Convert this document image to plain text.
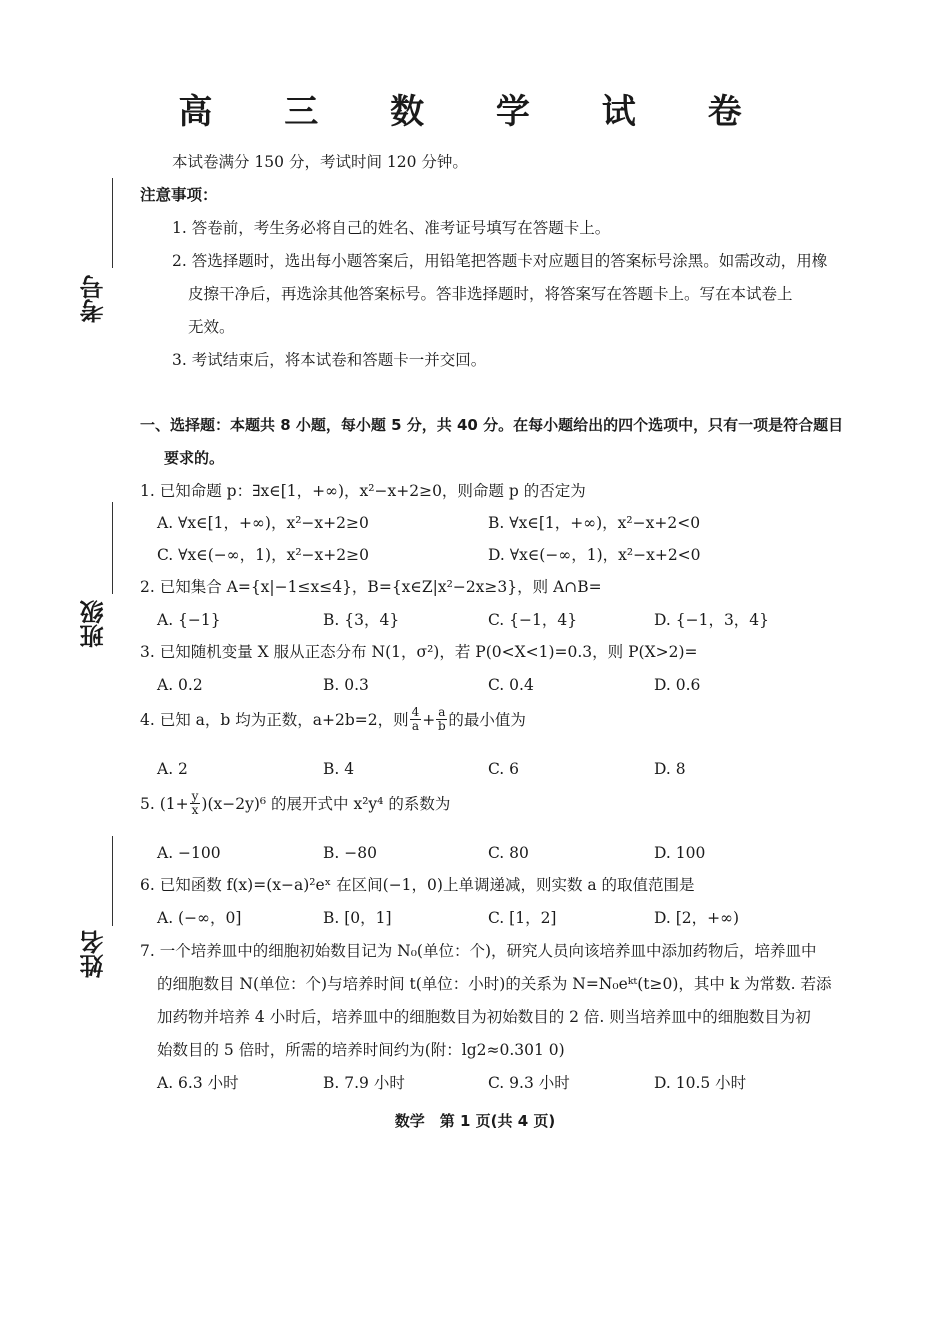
高 三 数 学 试 卷
本试卷满分 150 分，考试时间 120 分钟。
注意事项：
1. 答卷前，考生务必将自己的姓名、准考证号填写在答题卡上。
2. 答选择题时，选出每小题答案后，用铅笔把答题卡对应题目的答案标号涂黑。如需改动，用橡
皮擦干净后，再选涂其他答案标号。答非选择题时，将答案写在答题卡上。写在本试卷上
无效。
3. 考试结束后，将本试卷和答题卡一并交回。
考号
班级
姓名
一、选择题：本题共 8 小题，每小题 5 分，共 40 分。在每小题给出的四个选项中，只有一项是符合题目
要求的。
1. 已知命题 p：∃x∈[1，+∞)，x²−x+2≥0，则命题 p 的否定为
A. ∀x∈[1，+∞)，x²−x+2≥0	B. ∀x∈[1，+∞)，x²−x+2<0
C. ∀x∈(−∞，1)，x²−x+2≥0	D. ∀x∈(−∞，1)，x²−x+2<0
2. 已知集合 A={x|−1≤x≤4}，B={x∈Z|x²−2x≥3}，则 A∩B=
A. {−1}	B. {3，4}	C. {−1，4}	D. {−1，3，4}
3. 已知随机变量 X 服从正态分布 N(1，σ²)，若 P(0<X<1)=0.3，则 P(X>2)=
A. 0.2	B. 0.3	C. 0.4	D. 0.6
4. 已知 a，b 均为正数，a+2b=2，则 $\frac{4}{a} + \frac{a}{b}$ 的最小值为
A. 2	B. 4	C. 6	D. 8
5. $(1+ \frac{y}{x} )(x-2y)^6$ 的展开式中 x²y⁴ 的系数为
A. −100	B. −80	C. 80	D. 100
6. 已知函数 f(x)=(x−a)²eˣ 在区间(−1，0)上单调递减，则实数 a 的取值范围是
A. (−∞，0]	B. [0，1]	C. [1，2]	D. [2，+∞)
7. 一个培养皿中的细胞初始数目记为 N₀(单位：个)，研究人员向该培养皿中添加药物后，培养皿中
的细胞数目 N(单位：个)与培养时间 t(单位：小时)的关系为 N=N₀eᵏᵗ(t≥0)，其中 k 为常数. 若添
加药物并培养 4 小时后，培养皿中的细胞数目为初始数目的 2 倍. 则当培养皿中的细胞数目为初
始数目的 5 倍时，所需的培养时间约为(附：lg2≈0.301 0)
A. 6.3 小时	B. 7.9 小时	C. 9.3 小时	D. 10.5 小时
数学　第 1 页(共 4 页)
